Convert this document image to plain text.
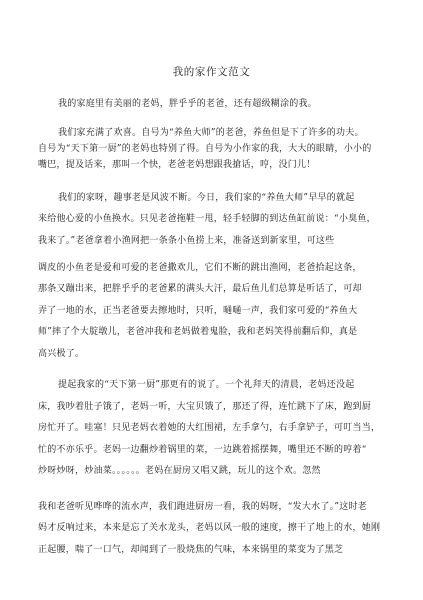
我的家作文范文
我的家庭里有美丽的老妈，胖乎乎的老爸，还有超级糊涂的我。
我们家充满了欢喜。自号为“养鱼大师”的老爸，养鱼但是下了许多的功夫。
自号为“天下第一厨”的老妈也特别了得。自号为小作家的我，大大的眼睛，小小的
嘴巴，提及话来，那叫一个快，老爸老妈想跟我搶话，哼，没门儿！
我们的家呀，趣事老是风波不断。今日，我们家的“养鱼大师”早早的就起
来给他心爱的小鱼换水。只见老爸拖鞋一甩，轻手轻脚的到达鱼缸前说：“小臭鱼，
我来了。”老爸拿着小渔网把一条条小鱼捞上来，准备送到新家里，可这些
调皮的小鱼老是爱和可爱的老爸撒欢儿，它们不断的跳出渔网，老爸拾起这条，
那条又蹦出来，把胖乎乎的老爸累的满头大汗，最后鱼儿们总算是听话了，可却
弄了一地的水，正当老爸要去擦地时，只听，嗵嗵一声，我们家可爱的“养鱼大
师”摔了个大腚墩儿，老爸冲我和老妈做着鬼脸，我和老妈笑得前翻后仰，真是
高兴极了。
提起我家的“天下第一厨”那更有的说了。一个礼拜天的清晨，老妈还没起
床，我吵着肚子饿了，老妈一听，大宝贝饿了，那还了得，连忙跳下了床，跑到厨
房忙开了。哇塞！只见老妈衣着她的大红围裙，左手拿勺，右手拿铲子，可叮当当，
忙的不亦乐乎。老妈一边翻炒着锅里的菜，一边跳着摇摆舞，嘴里还不断的哼着“
炒呀炒呀，炒油菜。。。。。。老妈在厨房又唱又跳，玩儿的这个欢。忽然
我和老爸听见哗哗的流水声，我们跑进厨房一看，我的妈呀，“发大水了。”这时老
妈才反响过来，本来是忘了关水龙头，老妈以风一般的速度，擦干了地上的水，她刚
正起腰，喘了一口气，却闻到了一股烧焦的气味，本来锅里的菜变为了黑芝
